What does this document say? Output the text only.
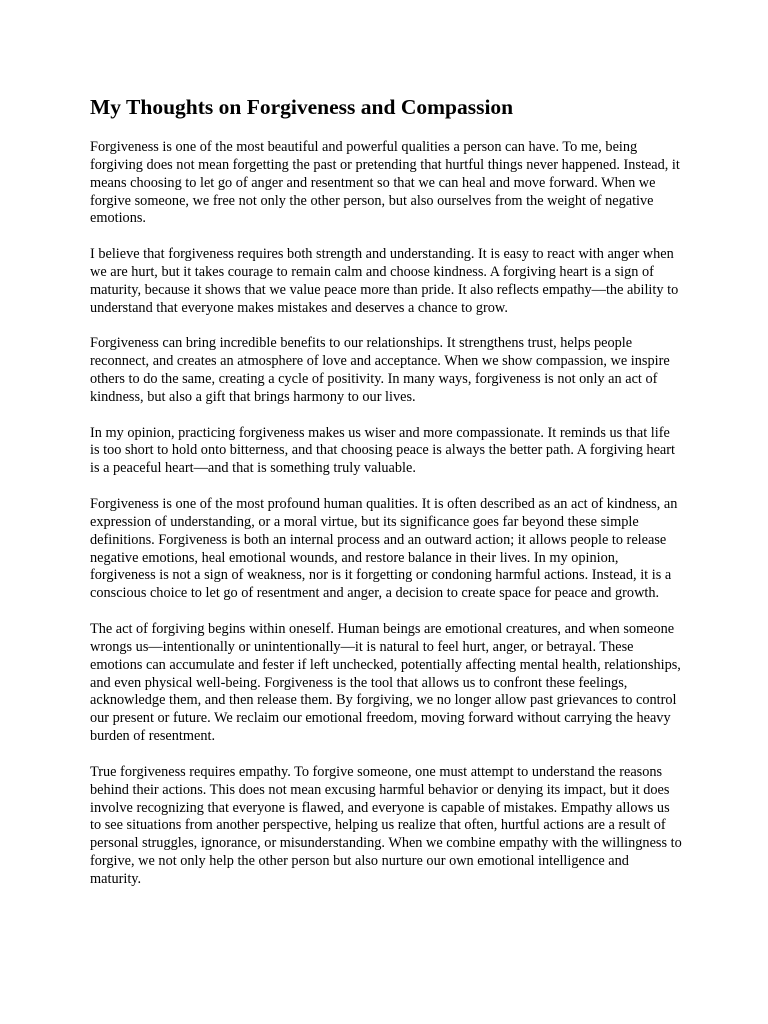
My Thoughts on Forgiveness and Compassion

Forgiveness is one of the most beautiful and powerful qualities a person can have. To me, being forgiving does not mean forgetting the past or pretending that hurtful things never happened. Instead, it means choosing to let go of anger and resentment so that we can heal and move forward. When we forgive someone, we free not only the other person, but also ourselves from the weight of negative emotions.

I believe that forgiveness requires both strength and understanding. It is easy to react with anger when we are hurt, but it takes courage to remain calm and choose kindness. A forgiving heart is a sign of maturity, because it shows that we value peace more than pride. It also reflects empathy—the ability to understand that everyone makes mistakes and deserves a chance to grow.

Forgiveness can bring incredible benefits to our relationships. It strengthens trust, helps people reconnect, and creates an atmosphere of love and acceptance. When we show compassion, we inspire others to do the same, creating a cycle of positivity. In many ways, forgiveness is not only an act of kindness, but also a gift that brings harmony to our lives.

In my opinion, practicing forgiveness makes us wiser and more compassionate. It reminds us that life is too short to hold onto bitterness, and that choosing peace is always the better path. A forgiving heart is a peaceful heart—and that is something truly valuable.

Forgiveness is one of the most profound human qualities. It is often described as an act of kindness, an expression of understanding, or a moral virtue, but its significance goes far beyond these simple definitions. Forgiveness is both an internal process and an outward action; it allows people to release negative emotions, heal emotional wounds, and restore balance in their lives. In my opinion, forgiveness is not a sign of weakness, nor is it forgetting or condoning harmful actions. Instead, it is a conscious choice to let go of resentment and anger, a decision to create space for peace and growth.

The act of forgiving begins within oneself. Human beings are emotional creatures, and when someone wrongs us—intentionally or unintentionally—it is natural to feel hurt, anger, or betrayal. These emotions can accumulate and fester if left unchecked, potentially affecting mental health, relationships, and even physical well-being. Forgiveness is the tool that allows us to confront these feelings, acknowledge them, and then release them. By forgiving, we no longer allow past grievances to control our present or future. We reclaim our emotional freedom, moving forward without carrying the heavy burden of resentment.

True forgiveness requires empathy. To forgive someone, one must attempt to understand the reasons behind their actions. This does not mean excusing harmful behavior or denying its impact, but it does involve recognizing that everyone is flawed, and everyone is capable of mistakes. Empathy allows us to see situations from another perspective, helping us realize that often, hurtful actions are a result of personal struggles, ignorance, or misunderstanding. When we combine empathy with the willingness to forgive, we not only help the other person but also nurture our own emotional intelligence and maturity.
